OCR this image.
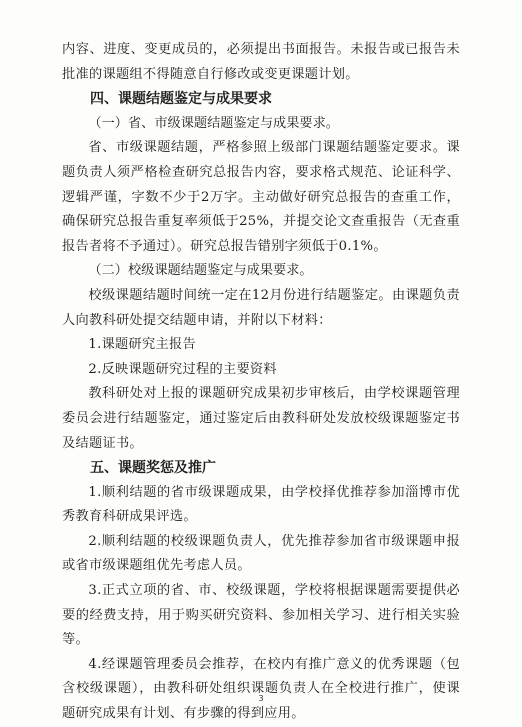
内容、进度、变更成员的，必须提出书面报告。未报告或已报告未批准的课题组不得随意自行修改或变更课题计划。

四、课题结题鉴定与成果要求

（一）省、市级课题结题鉴定与成果要求。

省、市级课题结题，严格参照上级部门课题结题鉴定要求。课题负责人须严格检查研究总报告内容，要求格式规范、论证科学、逻辑严谨，字数不少于2万字。主动做好研究总报告的查重工作，确保研究总报告重复率须低于25%，并提交论文查重报告（无查重报告者将不予通过）。研究总报告错别字须低于0.1%。

（二）校级课题结题鉴定与成果要求。

校级课题结题时间统一定在12月份进行结题鉴定。由课题负责人向教科研处提交结题申请，并附以下材料：

1.课题研究主报告

2.反映课题研究过程的主要资料

教科研处对上报的课题研究成果初步审核后，由学校课题管理委员会进行结题鉴定，通过鉴定后由教科研处发放校级课题鉴定书及结题证书。

五、课题奖惩及推广

1.顺利结题的省市级课题成果，由学校择优推荐参加淄博市优秀教育科研成果评选。

2.顺利结题的校级课题负责人，优先推荐参加省市级课题申报或省市级课题组优先考虑人员。

3.正式立项的省、市、校级课题，学校将根据课题需要提供必要的经费支持，用于购买研究资料、参加相关学习、进行相关实验等。

4.经课题管理委员会推荐，在校内有推广意义的优秀课题（包含校级课题），由教科研处组织课题负责人在全校进行推广，使课题研究成果有计划、有步骤的得到应用。

3
